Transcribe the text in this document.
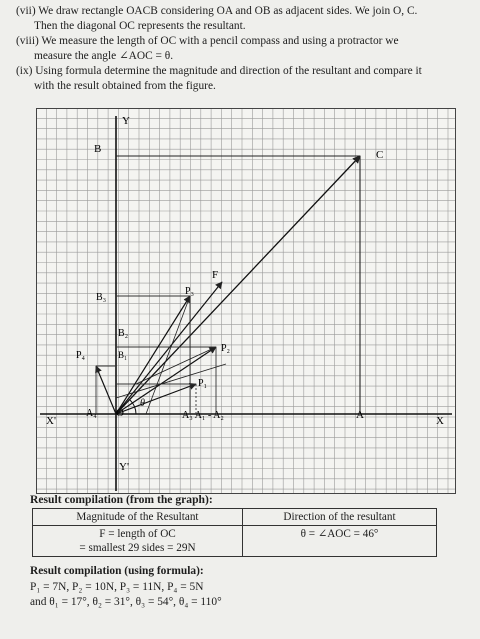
(vii) We draw rectangle OACB considering OA and OB as adjacent sides. We join O, C.

Then the diagonal OC represents the resultant.

(viii) We measure the length of OC with a pencil compass and using a protractor we

measure the angle ∠AOC = θ.

(ix) Using formula determine the magnitude and direction of the resultant and compare it

with the result obtained from the figure.

Y
Y'
X
X'
O	A
B	C
F
P₃
P₂
P₁
P₄
B₃
B₂
B₁
A₄	A₃ A₁ - A₂
θ

Result compilation (from the graph):

Magnitude of the Resultant	Direction of the resultant

F = length of OC
= smallest 29 sides = 29N	θ = ∠AOC = 46°
Result compilation (using formula):
P₁ = 7N, P₂ = 10N, P₃ = 11N, P₄ = 5N
and θ₁ = 17°, θ₂ = 31°, θ₃ = 54°, θ₄ = 110°
